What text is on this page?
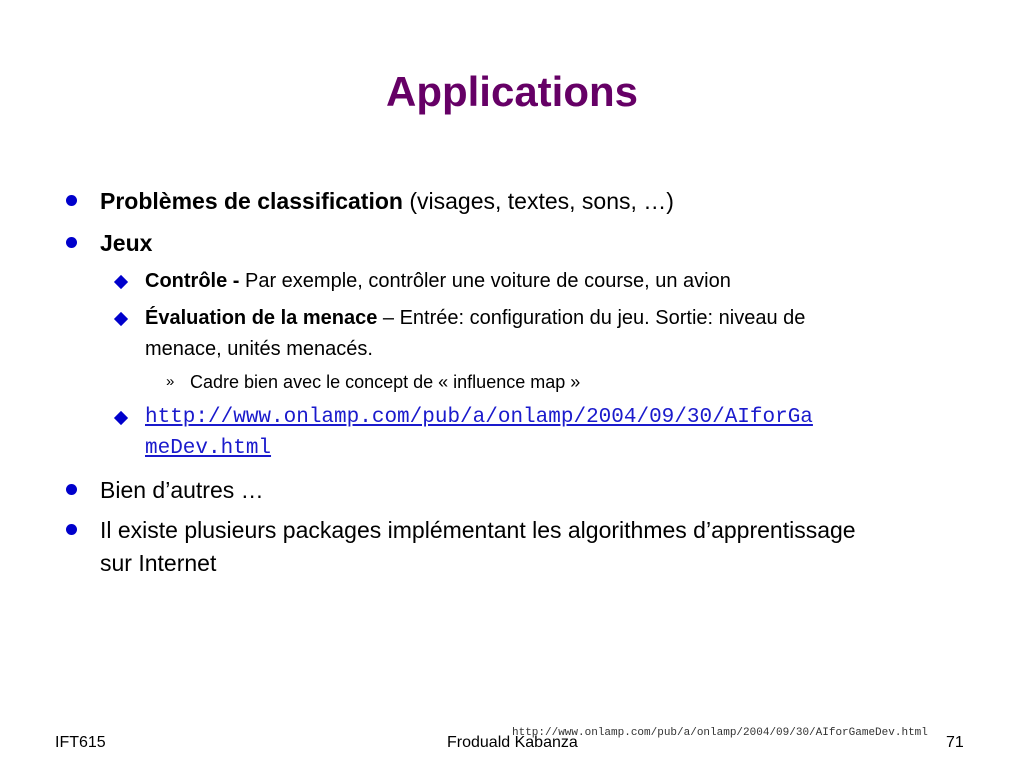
Applications
Problèmes de classification (visages, textes, sons, …)
Jeux
Contrôle - Par exemple, contrôler une voiture de course, un avion
Évaluation de la menace – Entrée: configuration du jeu. Sortie: niveau de
menace, unités menacés.
» Cadre bien avec le concept de « influence map »
http://www.onlamp.com/pub/a/onlamp/2004/09/30/AIforGa
meDev.html
Bien d’autres …
Il existe plusieurs packages implémentant les algorithmes d’apprentissage
sur Internet
IFT615	Froduald Kabanza	71
http://www.onlamp.com/pub/a/onlamp/2004/09/30/AIforGameDev.html
